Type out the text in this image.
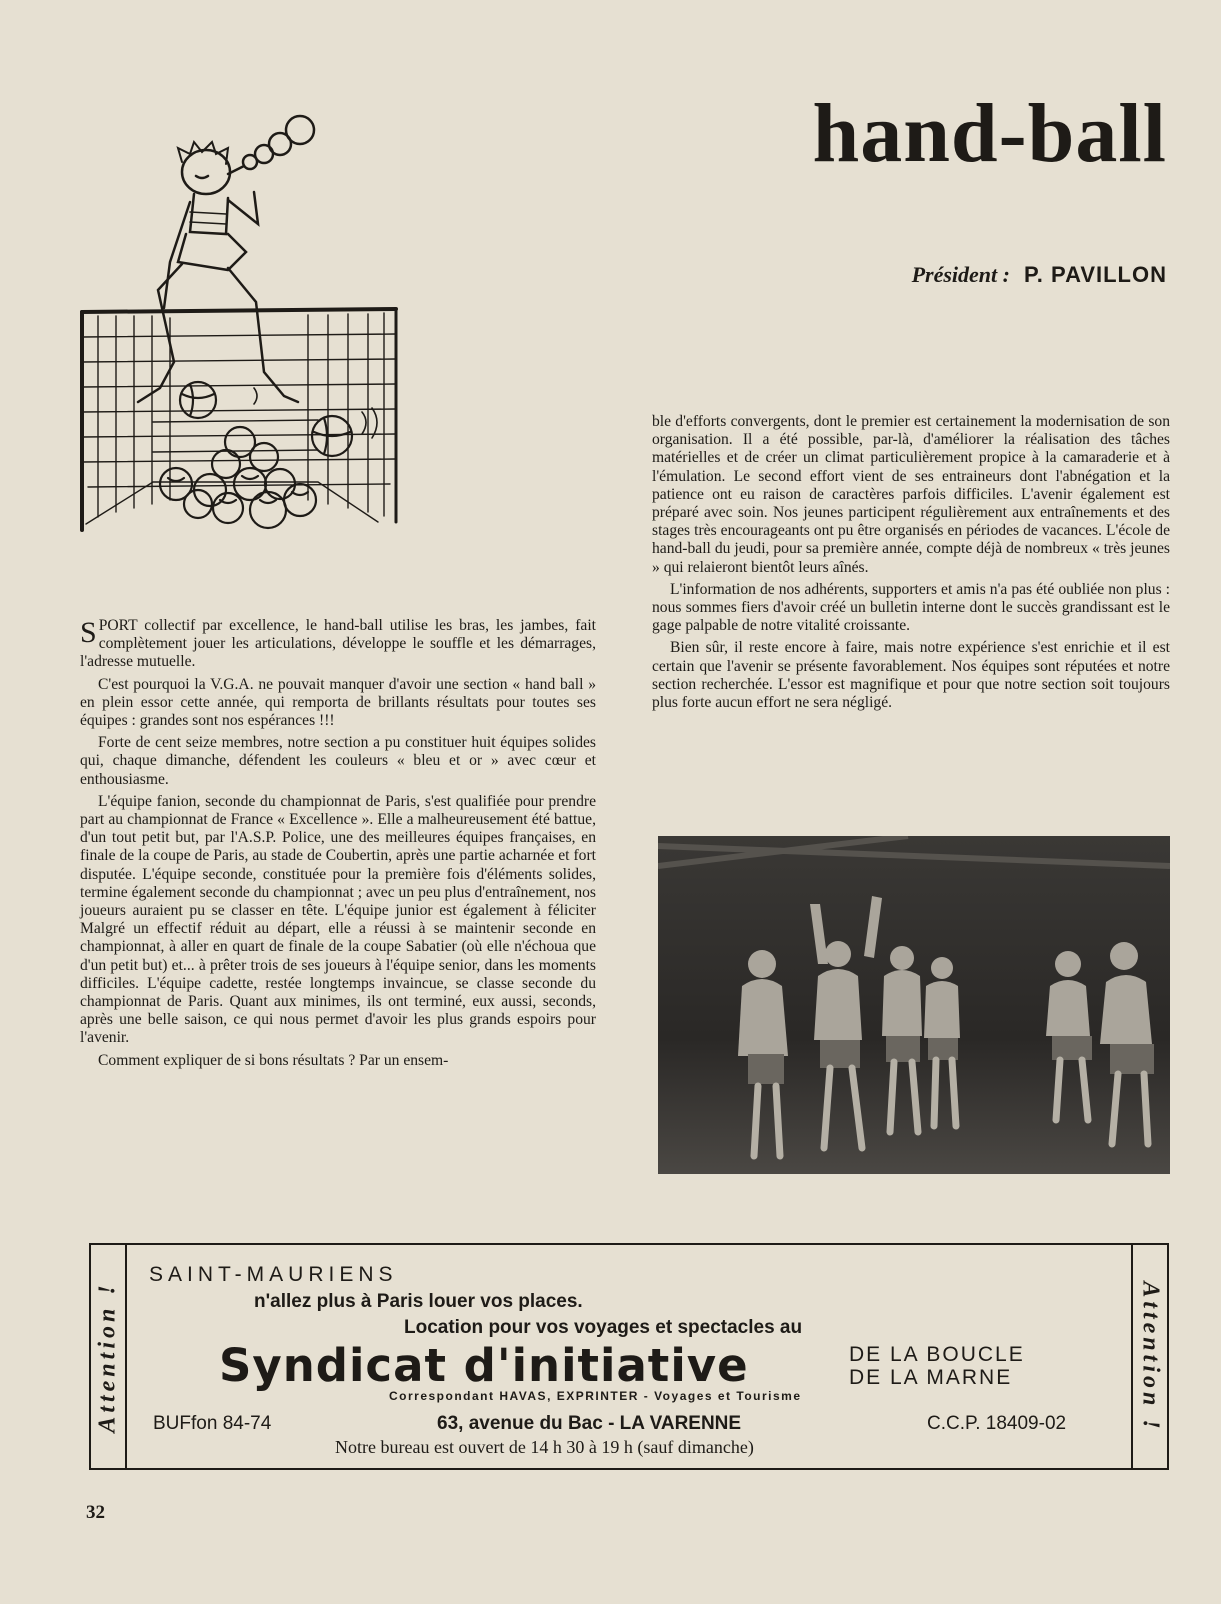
hand-ball
Président : P. PAVILLON

SPORT collectif par excellence, le hand-ball utilise les bras, les jambes, fait complètement jouer les articulations, développe le souffle et les démarrages, l'adresse mutuelle.

C'est pourquoi la V.G.A. ne pouvait manquer d'avoir une section « hand ball » en plein essor cette année, qui remporta de brillants résultats pour toutes ses équipes : grandes sont nos espérances !!!

Forte de cent seize membres, notre section a pu constituer huit équipes solides qui, chaque dimanche, défendent les couleurs « bleu et or » avec cœur et enthousiasme.

L'équipe fanion, seconde du championnat de Paris, s'est qualifiée pour prendre part au championnat de France « Excellence ». Elle a malheureusement été battue, d'un tout petit but, par l'A.S.P. Police, une des meilleures équipes françaises, en finale de la coupe de Paris, au stade de Coubertin, après une partie acharnée et fort disputée. L'équipe seconde, constituée pour la première fois d'éléments solides, termine également seconde du championnat ; avec un peu plus d'entraînement, nos joueurs auraient pu se classer en tête. L'équipe junior est également à féliciter Malgré un effectif réduit au départ, elle a réussi à se maintenir seconde en championnat, à aller en quart de finale de la coupe Sabatier (où elle n'échoua que d'un petit but) et... à prêter trois de ses joueurs à l'équipe senior, dans les moments difficiles. L'équipe cadette, restée longtemps invaincue, se classe seconde du championnat de Paris. Quant aux minimes, ils ont terminé, eux aussi, seconds, après une belle saison, ce qui nous permet d'avoir les plus grands espoirs pour l'avenir.

Comment expliquer de si bons résultats ? Par un ensem-

ble d'efforts convergents, dont le premier est certainement la modernisation de son organisation. Il a été possible, par-là, d'améliorer la réalisation des tâches matérielles et de créer un climat particulièrement propice à la camaraderie et à l'émulation. Le second effort vient de ses entraineurs dont l'abnégation et la patience ont eu raison de caractères parfois difficiles. L'avenir également est préparé avec soin. Nos jeunes participent régulièrement aux entraînements et des stages très encourageants ont pu être organisés en périodes de vacances. L'école de hand-ball du jeudi, pour sa première année, compte déjà de nombreux « très jeunes » qui relaieront bientôt leurs aînés.

L'information de nos adhérents, supporters et amis n'a pas été oubliée non plus : nous sommes fiers d'avoir créé un bulletin interne dont le succès grandissant est le gage palpable de notre vitalité croissante.

Bien sûr, il reste encore à faire, mais notre expérience s'est enrichie et il est certain que l'avenir se présente favorablement. Nos équipes sont réputées et notre section recherchée. L'essor est magnifique et pour que notre section soit toujours plus forte aucun effort ne sera négligé.

Attention !	Attention !
SAINT-MAURIENS
n'allez plus à Paris louer vos places.
Location pour vos voyages et spectacles au
Syndicat d'initiative	DE LA BOUCLE
DE LA MARNE
Correspondant HAVAS, EXPRINTER - Voyages et Tourisme
BUFfon 84-74	63, avenue du Bac - LA VARENNE	C.C.P. 18409-02
Notre bureau est ouvert de 14 h 30 à 19 h (sauf dimanche)
32
